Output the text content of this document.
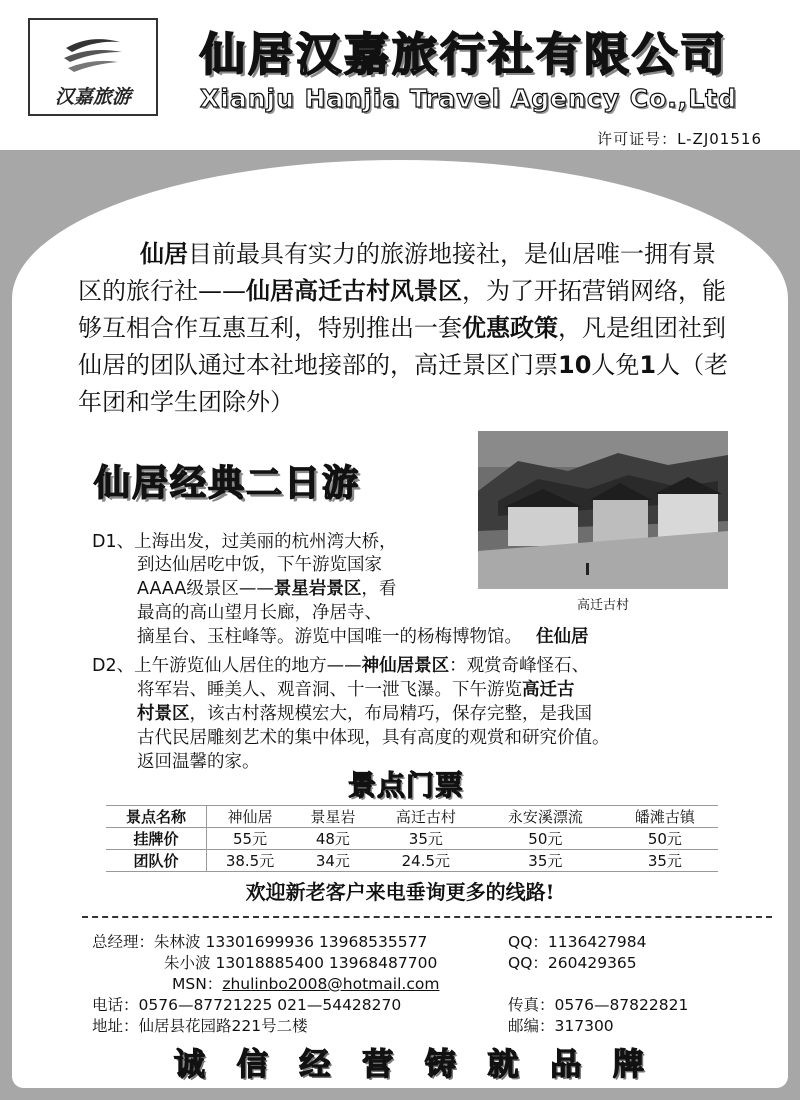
汉嘉旅游
仙居汉嘉旅行社有限公司
Xianju Hanjia Travel Agency Co.,Ltd
许可证号：L-ZJ01516
仙居目前最具有实力的旅游地接社，是仙居唯一拥有景区的旅行社——仙居高迁古村风景区，为了开拓营销网络，能够互相合作互惠互利，特别推出一套优惠政策，凡是组团社到仙居的团队通过本社地接部的，高迁景区门票10人免1人（老年团和学生团除外）
高迁古村
仙居经典二日游
D1、上海出发，过美丽的杭州湾大桥，
到达仙居吃中饭，下午游览国家
AAAA级景区——景星岩景区，看
最高的高山望月长廊，净居寺、
摘星台、玉柱峰等。游览中国唯一的杨梅博物馆。 住仙居
D2、上午游览仙人居住的地方——神仙居景区：观赏奇峰怪石、
将军岩、睡美人、观音洞、十一泄飞瀑。下午游览高迁古
村景区，该古村落规模宏大，布局精巧，保存完整，是我国
古代民居雕刻艺术的集中体现，具有高度的观赏和研究价值。
返回温馨的家。
景点门票
景点名称	神仙居	景星岩	高迁古村	永安溪漂流	皤滩古镇
挂牌价	55元	48元	35元	50元	50元
团队价	38.5元	34元	24.5元	35元	35元
欢迎新老客户来电垂询更多的线路!
总经理：朱林波 13301699936 13968535577	QQ：1136427984
朱小波 13018885400 13968487700	QQ：260429365
MSN：zhulinbo2008@hotmail.com
电话：0576—87721225 021—54428270	传真：0576—87822821
地址：仙居县花园路221号二楼	邮编：317300
诚 信 经 营 铸 就 品 牌
